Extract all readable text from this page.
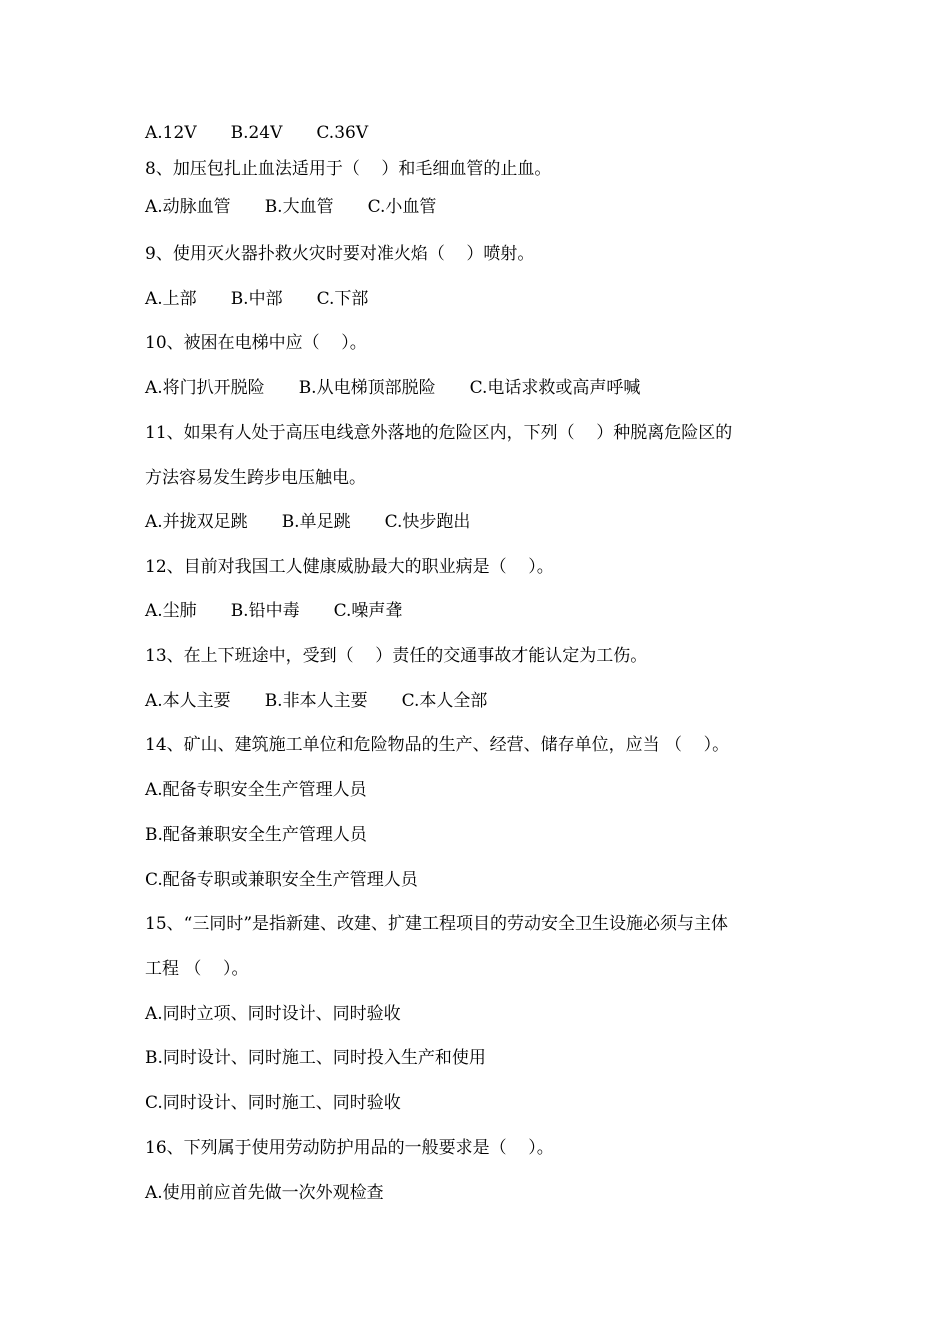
A.12V B.24V C.36V
8、加压包扎止血法适用于（    ）和毛细血管的止血。
A.动脉血管 B.大血管 C.小血管
9、使用灭火器扑救火灾时要对准火焰（    ）喷射。
A.上部 B.中部 C.下部
10、被困在电梯中应（    ）。
A.将门扒开脱险 B.从电梯顶部脱险 C.电话求救或高声呼喊
11、如果有人处于高压电线意外落地的危险区内，下列（    ）种脱离危险区的
方法容易发生跨步电压触电。
A.并拢双足跳 B.单足跳 C.快步跑出
12、目前对我国工人健康威胁最大的职业病是（    ）。
A.尘肺 B.铅中毒 C.噪声聋
13、在上下班途中，受到（    ）责任的交通事故才能认定为工伤。
A.本人主要 B.非本人主要 C.本人全部
14、矿山、建筑施工单位和危险物品的生产、经营、储存单位，应当 （    ）。
A.配备专职安全生产管理人员
B.配备兼职安全生产管理人员
C.配备专职或兼职安全生产管理人员
15、“三同时”是指新建、改建、扩建工程项目的劳动安全卫生设施必须与主体
工程 （    ）。
A.同时立项、同时设计、同时验收
B.同时设计、同时施工、同时投入生产和使用
C.同时设计、同时施工、同时验收
16、下列属于使用劳动防护用品的一般要求是（    ）。
A.使用前应首先做一次外观检查
